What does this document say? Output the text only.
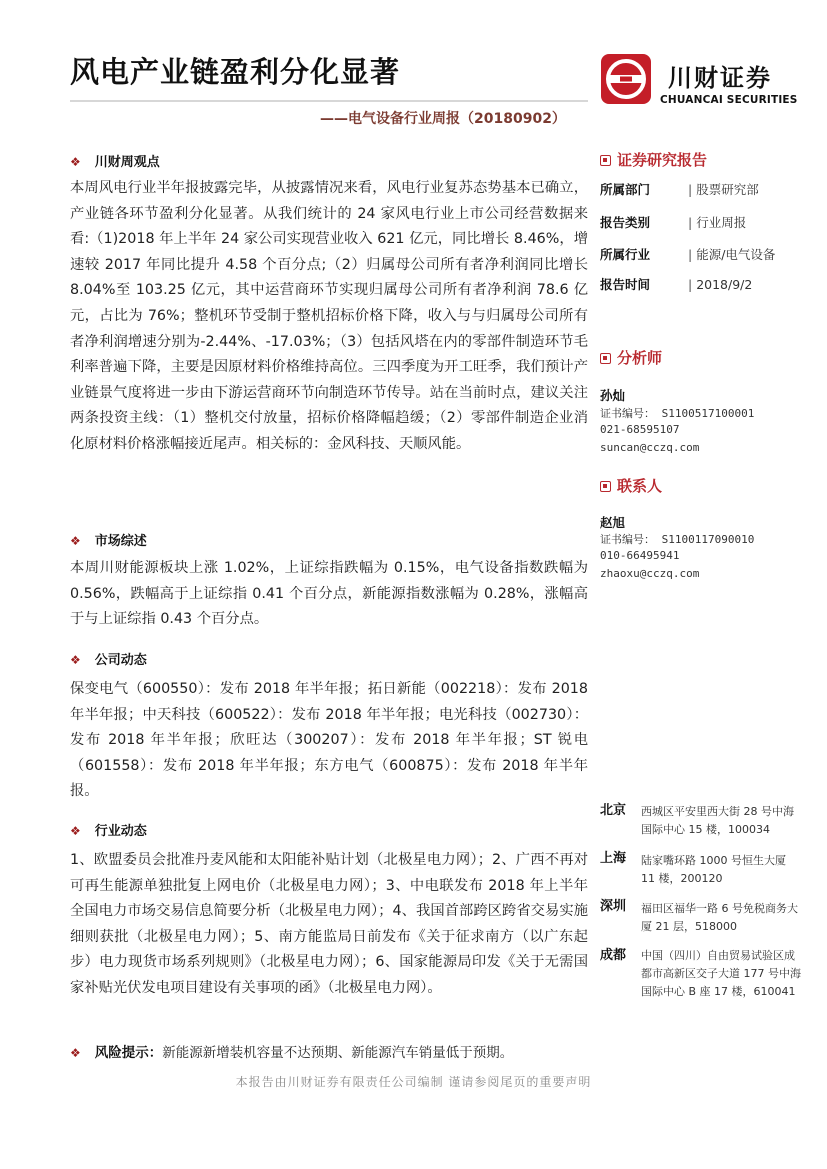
风电产业链盈利分化显著
——电气设备行业周报（20180902）
川财证券
CHUANCAI SECURITIES
❖ 川财周观点
本周风电行业半年报披露完毕，从披露情况来看，风电行业复苏态势基本已确立，产业链各环节盈利分化显著。从我们统计的 24 家风电行业上市公司经营数据来看:（1)2018 年上半年 24 家公司实现营业收入 621 亿元，同比增长 8.46%，增速较 2017 年同比提升 4.58 个百分点;（2）归属母公司所有者净利润同比增长 8.04%至 103.25 亿元，其中运营商环节实现归属母公司所有者净利润 78.6 亿元，占比为 76%；整机环节受制于整机招标价格下降，收入与与归属母公司所有者净利润增速分别为-2.44%、-17.03%；（3）包括风塔在内的零部件制造环节毛利率普遍下降，主要是因原材料价格维持高位。三四季度为开工旺季，我们预计产业链景气度将进一步由下游运营商环节向制造环节传导。站在当前时点，建议关注两条投资主线：（1）整机交付放量，招标价格降幅趋缓；（2）零部件制造企业消化原材料价格涨幅接近尾声。相关标的：金风科技、天顺风能。
❖ 市场综述
本周川财能源板块上涨 1.02%，上证综指跌幅为 0.15%，电气设备指数跌幅为 0.56%，跌幅高于上证综指 0.41 个百分点，新能源指数涨幅为 0.28%，涨幅高于与上证综指 0.43 个百分点。
❖ 公司动态
保变电气（600550）：发布 2018 年半年报；拓日新能（002218）：发布 2018 年半年报；中天科技（600522）：发布 2018 年半年报；电光科技（002730）：发布 2018 年半年报；欣旺达（300207）：发布 2018 年半年报；ST 锐电（601558）：发布 2018 年半年报；东方电气（600875）：发布 2018 年半年报。
❖ 行业动态
1、欧盟委员会批准丹麦风能和太阳能补贴计划（北极星电力网）；2、广西不再对可再生能源单独批复上网电价（北极星电力网）；3、中电联发布 2018 年上半年全国电力市场交易信息简要分析（北极星电力网）；4、我国首部跨区跨省交易实施细则获批（北极星电力网）；5、南方能监局日前发布《关于征求南方（以广东起步）电力现货市场系列规则》（北极星电力网）；6、国家能源局印发《关于无需国家补贴光伏发电项目建设有关事项的函》（北极星电力网）。
❖ 风险提示：新能源新增装机容量不达预期、新能源汽车销量低于预期。
本报告由川财证券有限责任公司编制 谨请参阅尾页的重要声明
证券研究报告
所属部门	| 股票研究部
报告类别	| 行业周报
所属行业	| 能源/电气设备
报告时间	| 2018/9/2
分析师
孙灿
证书编号： S1100517100001
021-68595107
suncan@cczq.com
联系人
赵旭
证书编号： S1100117090010
010-66495941
zhaoxu@cczq.com
北京 西城区平安里西大街 28 号中海国际中心 15 楼，100034
上海 陆家嘴环路 1000 号恒生大厦 11 楼，200120
深圳 福田区福华一路 6 号免税商务大厦 21 层，518000
成都 中国（四川）自由贸易试验区成都市高新区交子大道 177 号中海国际中心 B 座 17 楼，610041
